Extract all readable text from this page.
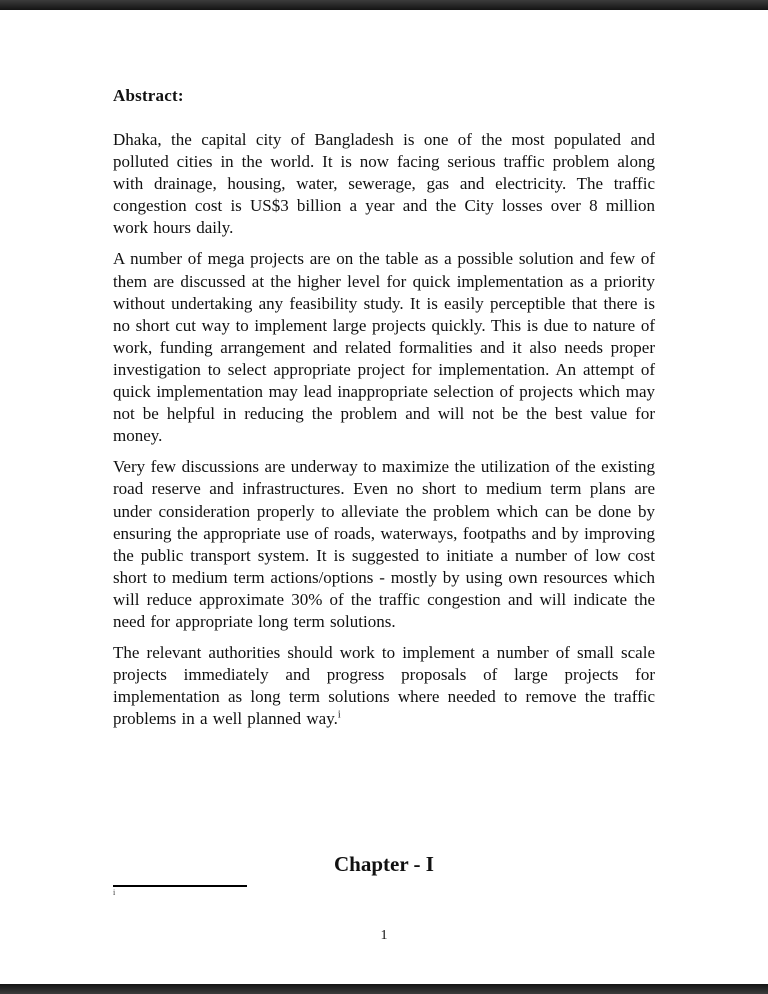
Abstract:

Dhaka, the capital city of Bangladesh is one of the most populated and polluted cities in the world. It is now facing serious traffic problem along with drainage, housing, water, sewerage, gas and electricity. The traffic congestion cost is US$3 billion a year and the City losses over 8 million work hours daily.

A number of mega projects are on the table as a possible solution and few of them are discussed at the higher level for quick implementation as a priority without undertaking any feasibility study. It is easily perceptible that there is no short cut way to implement large projects quickly. This is due to nature of work, funding arrangement and related formalities and it also needs proper investigation to select appropriate project for implementation. An attempt of quick implementation may lead inappropriate selection of projects which may not be helpful in reducing the problem and will not be the best value for money.

Very few discussions are underway to maximize the utilization of the existing road reserve and infrastructures. Even no short to medium term plans are under consideration properly to alleviate the problem which can be done by ensuring the appropriate use of roads, waterways, footpaths and by improving the public transport system. It is suggested to initiate a number of low cost short to medium term actions/options - mostly by using own resources which will reduce approximate 30% of the traffic congestion and will indicate the need for appropriate long term solutions.

The relevant authorities should work to implement a number of small scale projects immediately and progress proposals of large projects for implementation as long term solutions where needed to remove the traffic problems in a well planned way.$^i$

Chapter - I
i
1
